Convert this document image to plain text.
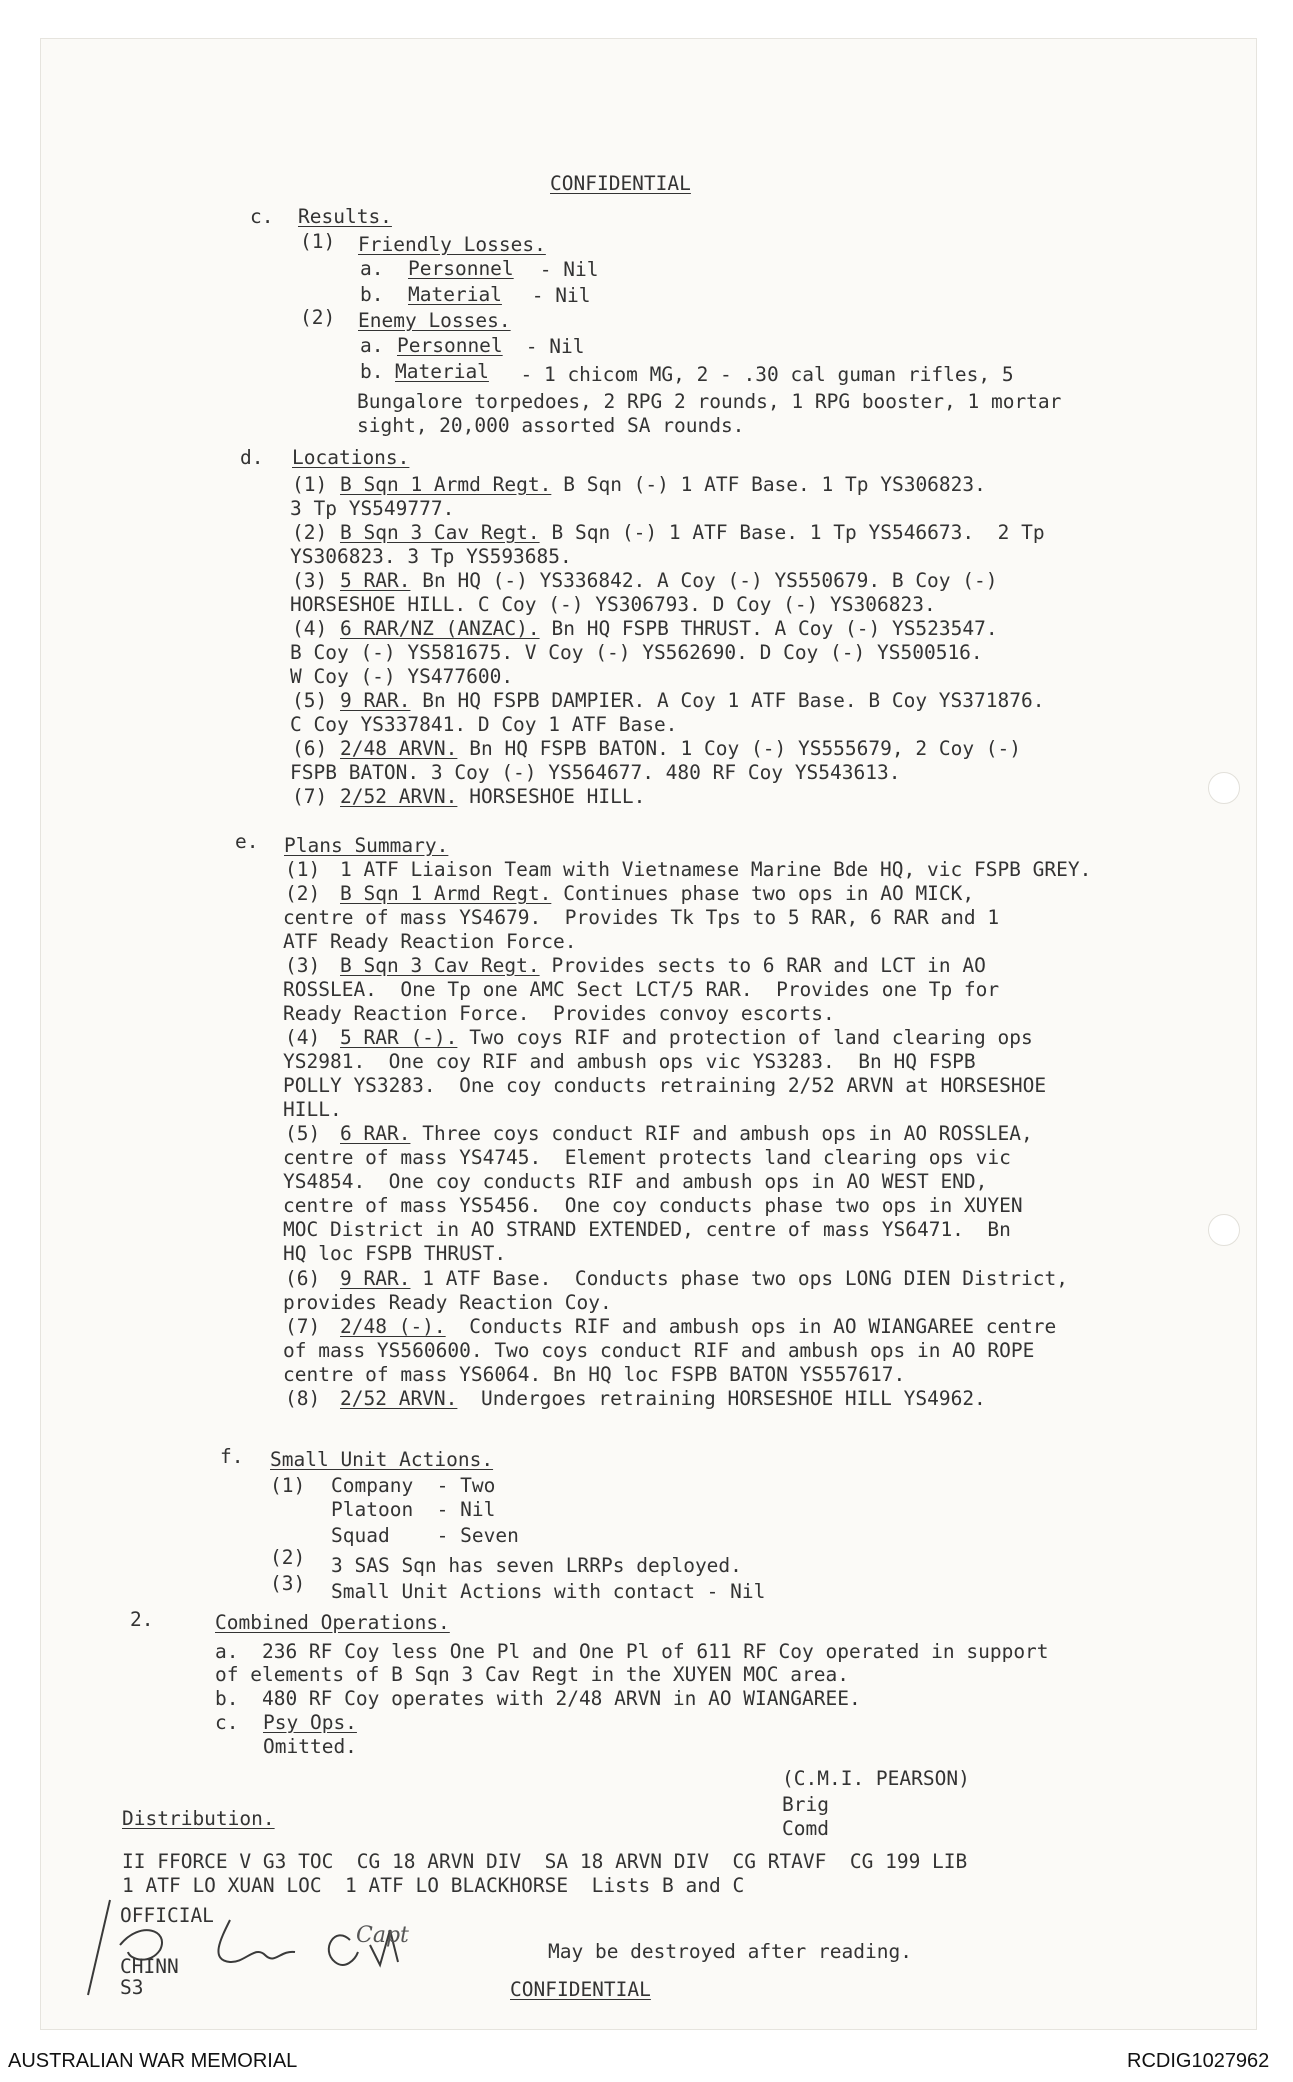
CONFIDENTIAL
c. Results.
(1) Friendly Losses.
a. Personnel - Nil
b. Material - Nil
(2) Enemy Losses.
a. Personnel - Nil
b. Material - 1 chicom MG, 2 - .30 cal guman rifles, 5
Bungalore torpedoes, 2 RPG 2 rounds, 1 RPG booster, 1 mortar
sight, 20,000 assorted SA rounds.
d. Locations.
(1) B Sqn 1 Armd Regt. B Sqn (-) 1 ATF Base. 1 Tp YS306823.
3 Tp YS549777.
(2) B Sqn 3 Cav Regt. B Sqn (-) 1 ATF Base. 1 Tp YS546673.  2 Tp
YS306823. 3 Tp YS593685.
(3) 5 RAR. Bn HQ (-) YS336842. A Coy (-) YS550679. B Coy (-)
HORSESHOE HILL. C Coy (-) YS306793. D Coy (-) YS306823.
(4) 6 RAR/NZ (ANZAC). Bn HQ FSPB THRUST. A Coy (-) YS523547.
B Coy (-) YS581675. V Coy (-) YS562690. D Coy (-) YS500516.
W Coy (-) YS477600.
(5) 9 RAR. Bn HQ FSPB DAMPIER. A Coy 1 ATF Base. B Coy YS371876.
C Coy YS337841. D Coy 1 ATF Base.
(6) 2/48 ARVN. Bn HQ FSPB BATON. 1 Coy (-) YS555679, 2 Coy (-)
FSPB BATON. 3 Coy (-) YS564677. 480 RF Coy YS543613.
(7) 2/52 ARVN. HORSESHOE HILL.
e. Plans Summary.
(1) 1 ATF Liaison Team with Vietnamese Marine Bde HQ, vic FSPB GREY.
(2) B Sqn 1 Armd Regt. Continues phase two ops in AO MICK,
centre of mass YS4679.  Provides Tk Tps to 5 RAR, 6 RAR and 1
ATF Ready Reaction Force.
(3) B Sqn 3 Cav Regt. Provides sects to 6 RAR and LCT in AO
ROSSLEA.  One Tp one AMC Sect LCT/5 RAR.  Provides one Tp for
Ready Reaction Force.  Provides convoy escorts.
(4) 5 RAR (-). Two coys RIF and protection of land clearing ops
YS2981.  One coy RIF and ambush ops vic YS3283.  Bn HQ FSPB
POLLY YS3283.  One coy conducts retraining 2/52 ARVN at HORSESHOE
HILL.
(5) 6 RAR. Three coys conduct RIF and ambush ops in AO ROSSLEA,
centre of mass YS4745.  Element protects land clearing ops vic
YS4854.  One coy conducts RIF and ambush ops in AO WEST END,
centre of mass YS5456.  One coy conducts phase two ops in XUYEN
MOC District in AO STRAND EXTENDED, centre of mass YS6471.  Bn
HQ loc FSPB THRUST.
(6) 9 RAR. 1 ATF Base.  Conducts phase two ops LONG DIEN District,
provides Ready Reaction Coy.
(7) 2/48 (-). Conducts RIF and ambush ops in AO WIANGAREE centre
of mass YS560600. Two coys conduct RIF and ambush ops in AO ROPE
centre of mass YS6064. Bn HQ loc FSPB BATON YS557617.
(8) 2/52 ARVN. Undergoes retraining HORSESHOE HILL YS4962.
f. Small Unit Actions.
(1) Company  - Two
Platoon  - Nil
Squad    - Seven
(2) 3 SAS Sqn has seven LRRPs deployed.
(3) Small Unit Actions with contact - Nil
2.	Combined Operations.
a.  236 RF Coy less One Pl and One Pl of 611 RF Coy operated in support
of elements of B Sqn 3 Cav Regt in the XUYEN MOC area.
b.  480 RF Coy operates with 2/48 ARVN in AO WIANGAREE.
c. Psy Ops.
Omitted.
(C.M.I. PEARSON)
Brig
Comd
Distribution.
II FFORCE V G3 TOC  CG 18 ARVN DIV  SA 18 ARVN DIV  CG RTAVF  CG 199 LIB
1 ATF LO XUAN LOC  1 ATF LO BLACKHORSE  Lists B and C
OFFICIAL
CHINN
S3
Capt
May be destroyed after reading.
CONFIDENTIAL
AUSTRALIAN WAR MEMORIAL	RCDIG1027962
